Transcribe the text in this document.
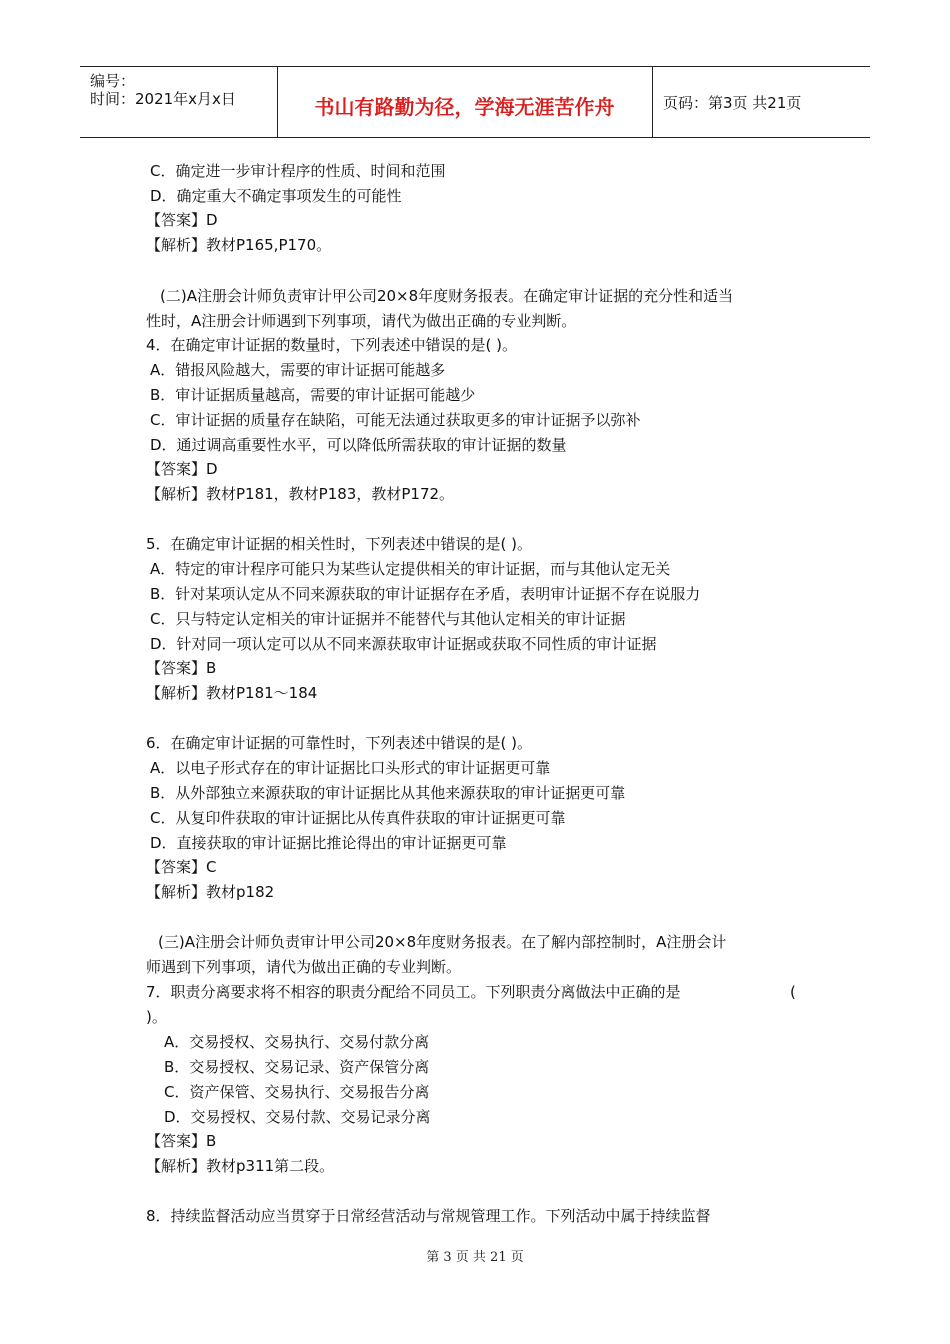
编号：
时间：2021年x月x日	书山有路勤为径，学海无涯苦作舟	页码：第3页 共21页
C．确定进一步审计程序的性质、时间和范围
D．确定重大不确定事项发生的可能性
【答案】D
【解析】教材P165,P170。
(二)A注册会计师负责审计甲公司20×8年度财务报表。在确定审计证据的充分性和适当
性时，A注册会计师遇到下列事项，请代为做出正确的专业判断。
4．在确定审计证据的数量时，下列表述中错误的是( )。
A．错报风险越大，需要的审计证据可能越多
B．审计证据质量越高，需要的审计证据可能越少
C．审计证据的质量存在缺陷，可能无法通过获取更多的审计证据予以弥补
D．通过调高重要性水平，可以降低所需获取的审计证据的数量
【答案】D
【解析】教材P181，教材P183，教材P172。
5．在确定审计证据的相关性时，下列表述中错误的是( )。
A．特定的审计程序可能只为某些认定提供相关的审计证据，而与其他认定无关
B．针对某项认定从不同来源获取的审计证据存在矛盾，表明审计证据不存在说服力
C．只与特定认定相关的审计证据并不能替代与其他认定相关的审计证据
D．针对同一项认定可以从不同来源获取审计证据或获取不同性质的审计证据
【答案】B
【解析】教材P181～184
6．在确定审计证据的可靠性时，下列表述中错误的是( )。
A．以电子形式存在的审计证据比口头形式的审计证据更可靠
B．从外部独立来源获取的审计证据比从其他来源获取的审计证据更可靠
C．从复印件获取的审计证据比从传真件获取的审计证据更可靠
D．直接获取的审计证据比推论得出的审计证据更可靠
【答案】C
【解析】教材p182
(三)A注册会计师负责审计甲公司20×8年度财务报表。在了解内部控制时，A注册会计
师遇到下列事项，请代为做出正确的专业判断。
7．职责分离要求将不相容的职责分配给不同员工。下列职责分离做法中正确的是	(
)。
A．交易授权、交易执行、交易付款分离
B．交易授权、交易记录、资产保管分离
C．资产保管、交易执行、交易报告分离
D．交易授权、交易付款、交易记录分离
【答案】B
【解析】教材p311第二段。
8．持续监督活动应当贯穿于日常经营活动与常规管理工作。下列活动中属于持续监督
第 3 页 共 21 页
